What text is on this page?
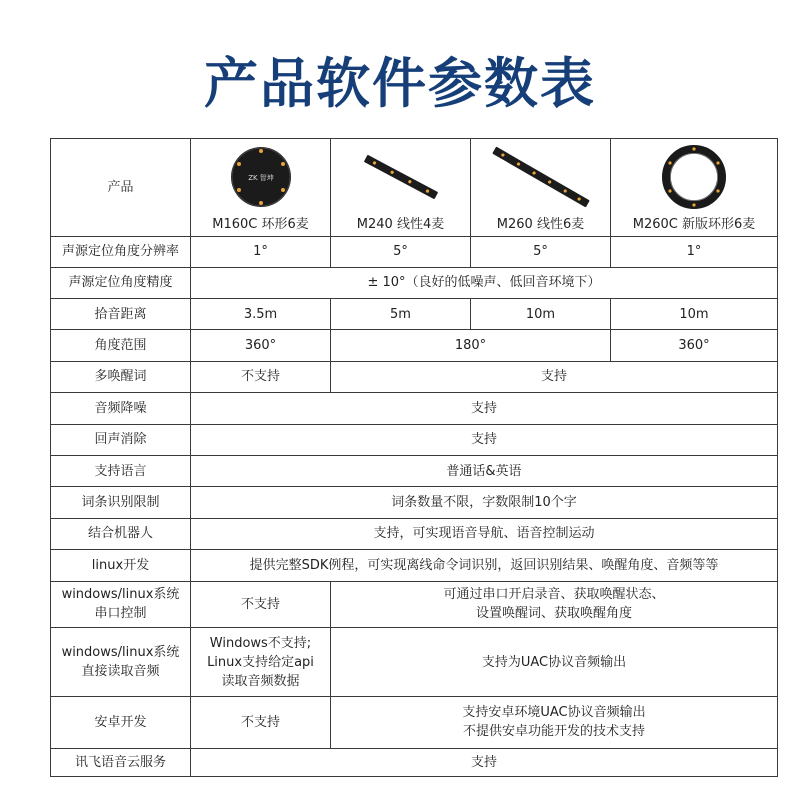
产品软件参数表
产品	ZK 智坤
M160C 环形6麦	M240 线性4麦	M260 线性6麦	M260C 新版环形6麦
声源定位角度分辨率	1°	5°	5°	1°
声源定位角度精度	± 10°（良好的低噪声、低回音环境下）			
拾音距离	3.5m	5m	10m	10m
角度范围	360°	180°		360°
多唤醒词	不支持	支持		
音频降噪	支持			
回声消除	支持			
支持语言	普通话&英语			
词条识别限制	词条数量不限，字数限制10个字			
结合机器人	支持，可实现语音导航、语音控制运动			
linux开发	提供完整SDK例程，可实现离线命令词识别，返回识别结果、唤醒角度、音频等等			

windows/linux系统
串口控制	不支持	可通过串口开启录音、获取唤醒状态、
设置唤醒词、获取唤醒角度		

windows/linux系统
直接读取音频	Windows不支持;
Linux支持给定api
读取音频数据	支持为UAC协议音频输出		
安卓开发	不支持	支持安卓环境UAC协议音频输出
不提供安卓功能开发的技术支持		

讯飞语音云服务	支持			
